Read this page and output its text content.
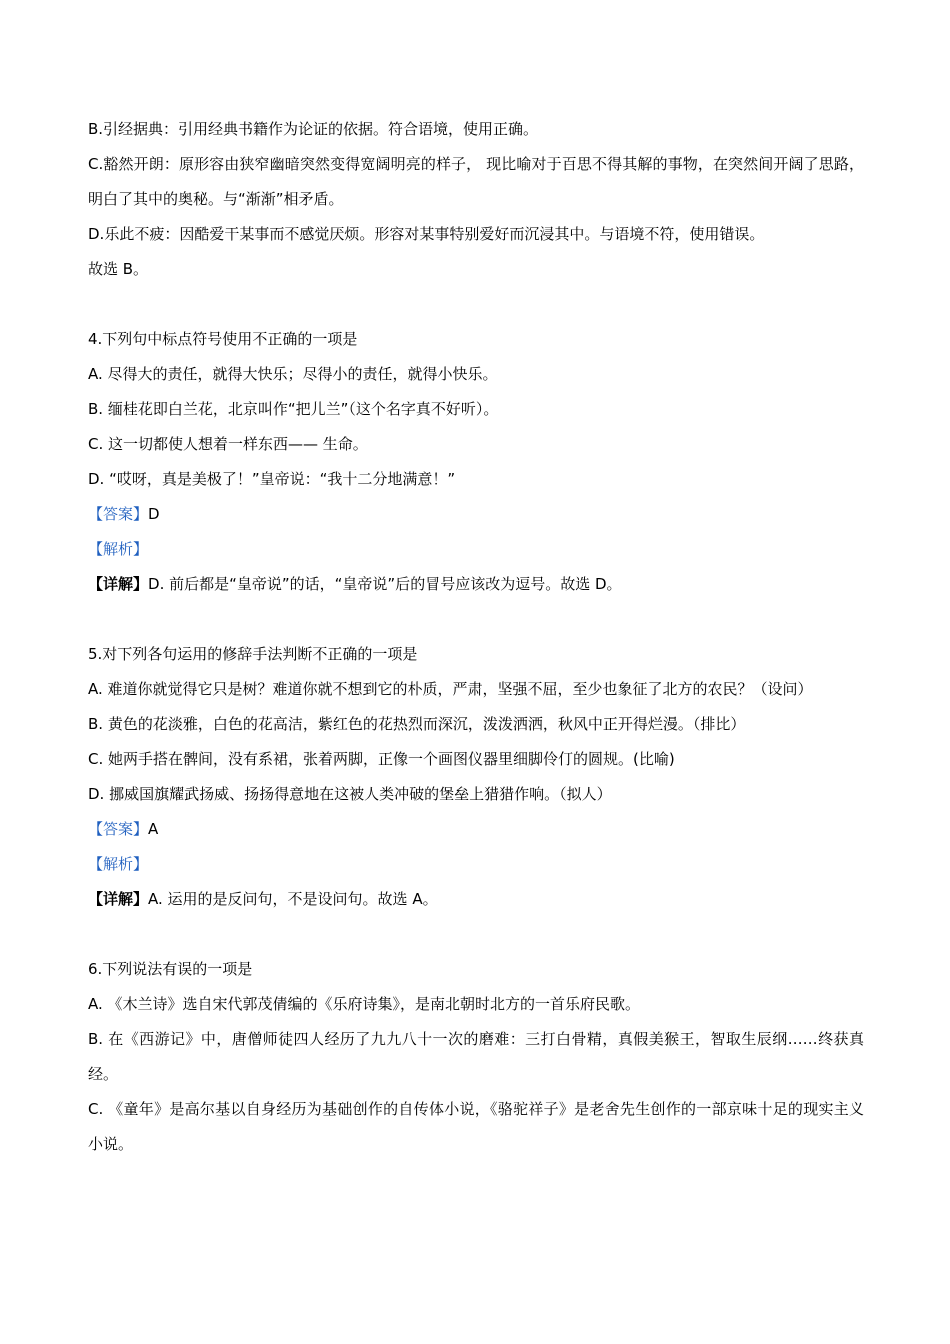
B.引经据典：引用经典书籍作为论证的依据。符合语境，使用正确。

C.豁然开朗：原形容由狭窄幽暗突然变得宽阔明亮的样子， 现比喻对于百思不得其解的事物，在突然间开阔了思路，明白了其中的奥秘。与“渐渐”相矛盾。

D.乐此不疲：因酷爱干某事而不感觉厌烦。形容对某事特别爱好而沉浸其中。与语境不符，使用错误。

故选 B。

4.下列句中标点符号使用不正确的一项是

A. 尽得大的责任，就得大快乐；尽得小的责任，就得小快乐。

B. 缅桂花即白兰花，北京叫作“把儿兰”（这个名字真不好听）。

C. 这一切都使人想着一样东西—— 生命。

D. “哎呀，真是美极了！”皇帝说：“我十二分地满意！”

【答案】D

【解析】

【详解】D. 前后都是“皇帝说”的话，“皇帝说”后的冒号应该改为逗号。故选 D。

5.对下列各句运用的修辞手法判断不正确的一项是

A. 难道你就觉得它只是树？难道你就不想到它的朴质，严肃，坚强不屈，至少也象征了北方的农民？（设问）

B. 黄色的花淡雅，白色的花高洁，紫红色的花热烈而深沉，泼泼洒洒，秋风中正开得烂漫。（排比）

C. 她两手搭在髀间，没有系裙，张着两脚，正像一个画图仪器里细脚伶仃的圆规。(比喻)

D. 挪威国旗耀武扬威、扬扬得意地在这被人类冲破的堡垒上猎猎作响。（拟人）

【答案】A

【解析】

【详解】A. 运用的是反问句，不是设问句。故选 A。

6.下列说法有误的一项是

A. 《木兰诗》选自宋代郭茂倩编的《乐府诗集》，是南北朝时北方的一首乐府民歌。

B. 在《西游记》中，唐僧师徒四人经历了九九八十一次的磨难：三打白骨精，真假美猴王，智取生辰纲……终获真经。

C. 《童年》是高尔基以自身经历为基础创作的自传体小说，《骆驼祥子》是老舍先生创作的一部京味十足的现实主义小说。
